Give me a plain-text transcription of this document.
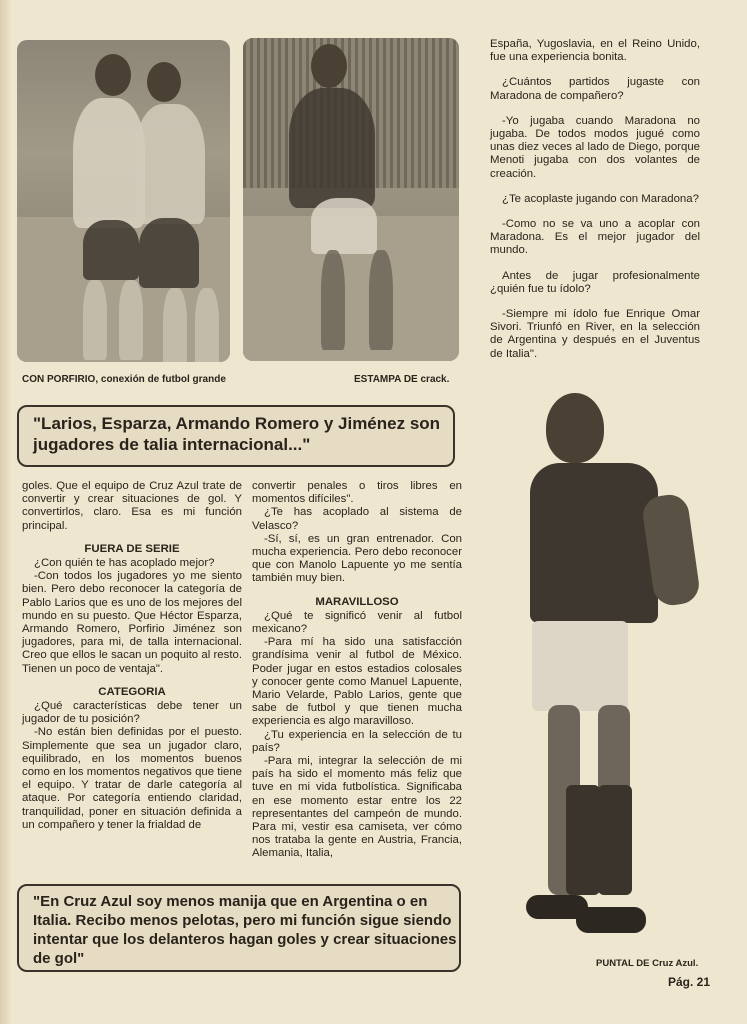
CON PORFIRIO, conexión de futbol grande	ESTAMPA DE crack.

España, Yugoslavia, en el Reino Unido, fue una experiencia bonita.

¿Cuántos partidos jugaste con Maradona de compañero?

-Yo jugaba cuando Maradona no jugaba. De todos modos jugué como unas diez veces al lado de Diego, porque Menoti jugaba con dos volantes de creación.

¿Te acoplaste jugando con Maradona?

-Como no se va uno a acoplar con Maradona. Es el mejor jugador del mundo.

Antes de jugar profesionalmente ¿quién fue tu ídolo?

-Siempre mi ídolo fue Enrique Omar Sivori. Triunfó en River, en la selección de Argentina y después en el Juventus de Italia".

"Larios, Esparza, Armando Romero y Jiménez son jugadores de talia internacional..."

goles. Que el equipo de Cruz Azul trate de convertir y crear situaciones de gol. Y convertirlos, claro. Esa es mi función principal.

FUERA DE SERIE

¿Con quién te has acoplado mejor?

-Con todos los jugadores yo me siento bien. Pero debo reconocer la categoría de Pablo Larios que es uno de los mejores del mundo en su puesto. Que Héctor Esparza, Armando Romero, Porfirio Jiménez son jugadores, para mi, de talla internacional. Creo que ellos le sacan un poquito al resto. Tienen un poco de ventaja".

CATEGORIA

¿Qué características debe tener un jugador de tu posición?

-No están bien definidas por el puesto. Simplemente que sea un jugador claro, equilibrado, en los momentos buenos como en los momentos negativos que tiene el equipo. Y tratar de darle categoría al ataque. Por categoría entiendo claridad, tranquilidad, poner en situación definida a un compañero y tener la frialdad de

convertir penales o tiros libres en momentos difíciles".

¿Te has acoplado al sistema de Velasco?

-Sí, sí, es un gran entrenador. Con mucha experiencia. Pero debo reconocer que con Manolo Lapuente yo me sentía también muy bien.

MARAVILLOSO

¿Qué te significó venir al futbol mexicano?

-Para mí ha sido una satisfacción grandísima venir al futbol de México. Poder jugar en estos estadios colosales y conocer gente como Manuel Lapuente, Mario Velarde, Pablo Larios, gente que sabe de futbol y que tienen mucha experiencia es algo maravilloso.

¿Tu experiencia en la selección de tu país?

-Para mi, integrar la selección de mi país ha sido el momento más feliz que tuve en mi vida futbolística. Significaba en ese momento estar entre los 22 representantes del campeón de mundo. Para mi, vestir esa camiseta, ver cómo nos trataba la gente en Austria, Francia, Alemania, Italia,

PUNTAL DE Cruz Azul.
"En Cruz Azul soy menos manija que en Argentina o en Italia. Recibo menos pelotas, pero mi función sigue siendo intentar que los delanteros hagan goles y crear situaciones de gol"
Pág. 21
